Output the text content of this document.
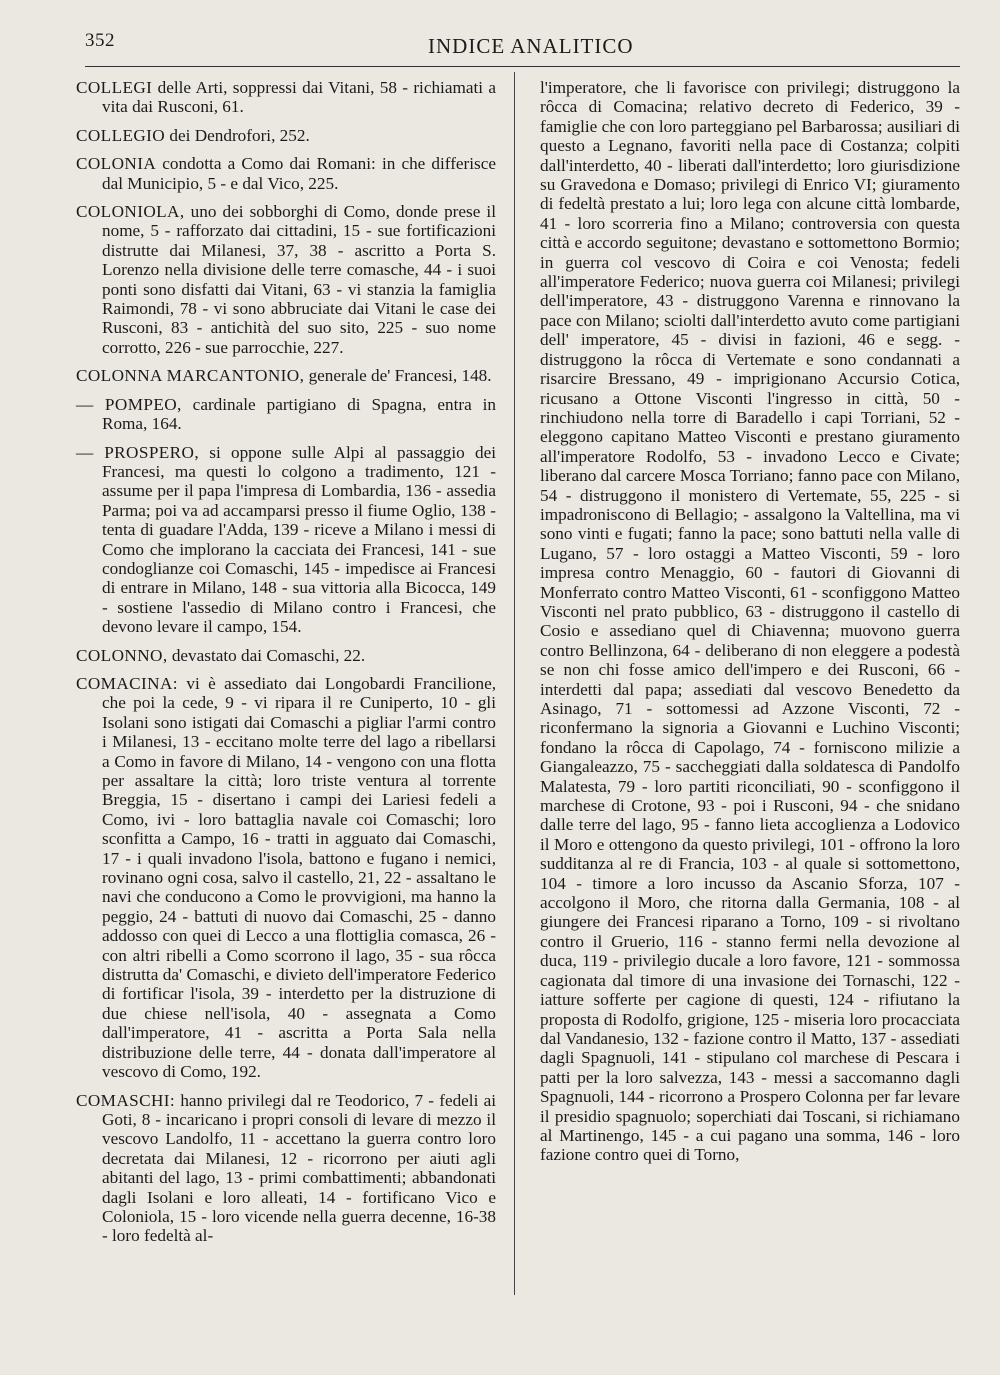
352	INDICE ANALITICO

COLLEGI delle Arti, soppressi dai Vitani, 58 - richiamati a vita dai Rusconi, 61.

COLLEGIO dei Dendrofori, 252.

COLONIA condotta a Como dai Romani: in che differisce dal Municipio, 5 - e dal Vico, 225.

COLONIOLA, uno dei sobborghi di Como, donde prese il nome, 5 - rafforzato dai cittadini, 15 - sue fortificazioni distrutte dai Milanesi, 37, 38 - ascritto a Porta S. Lorenzo nella divisione delle terre comasche, 44 - i suoi ponti sono disfatti dai Vitani, 63 - vi stanzia la famiglia Raimondi, 78 - vi sono abbruciate dai Vitani le case dei Rusconi, 83 - antichità del suo sito, 225 - suo nome corrotto, 226 - sue parrocchie, 227.

COLONNA MARCANTONIO, generale de' Francesi, 148.

— POMPEO, cardinale partigiano di Spagna, entra in Roma, 164.

— PROSPERO, si oppone sulle Alpi al passaggio dei Francesi, ma questi lo colgono a tradimento, 121 - assume per il papa l'impresa di Lombardia, 136 - assedia Parma; poi va ad accamparsi presso il fiume Oglio, 138 - tenta di guadare l'Adda, 139 - riceve a Milano i messi di Como che implorano la cacciata dei Francesi, 141 - sue condoglianze coi Comaschi, 145 - impedisce ai Francesi di entrare in Milano, 148 - sua vittoria alla Bicocca, 149 - sostiene l'assedio di Milano contro i Francesi, che devono levare il campo, 154.

COLONNO, devastato dai Comaschi, 22.

COMACINA: vi è assediato dai Longobardi Francilione, che poi la cede, 9 - vi ripara il re Cuniperto, 10 - gli Isolani sono istigati dai Comaschi a pigliar l'armi contro i Milanesi, 13 - eccitano molte terre del lago a ribellarsi a Como in favore di Milano, 14 - vengono con una flotta per assaltare la città; loro triste ventura al torrente Breggia, 15 - disertano i campi dei Lariesi fedeli a Como, ivi - loro battaglia navale coi Comaschi; loro sconfitta a Campo, 16 - tratti in agguato dai Comaschi, 17 - i quali invadono l'isola, battono e fugano i nemici, rovinano ogni cosa, salvo il castello, 21, 22 - assaltano le navi che conducono a Como le provvigioni, ma hanno la peggio, 24 - battuti di nuovo dai Comaschi, 25 - danno addosso con quei di Lecco a una flottiglia comasca, 26 - con altri ribelli a Como scorrono il lago, 35 - sua rôcca distrutta da' Comaschi, e divieto dell'imperatore Federico di fortificar l'isola, 39 - interdetto per la distruzione di due chiese nell'isola, 40 - assegnata a Como dall'imperatore, 41 - ascritta a Porta Sala nella distribuzione delle terre, 44 - donata dall'imperatore al vescovo di Como, 192.

COMASCHI: hanno privilegi dal re Teodorico, 7 - fedeli ai Goti, 8 - incaricano i propri consoli di levare di mezzo il vescovo Landolfo, 11 - accettano la guerra contro loro decretata dai Milanesi, 12 - ricorrono per aiuti agli abitanti del lago, 13 - primi combattimenti; abbandonati dagli Isolani e loro alleati, 14 - fortificano Vico e Coloniola, 15 - loro vicende nella guerra decenne, 16-38 - loro fedeltà al-

l'imperatore, che li favorisce con privilegi; distruggono la rôcca di Comacina; relativo decreto di Federico, 39 - famiglie che con loro parteggiano pel Barbarossa; ausiliari di questo a Legnano, favoriti nella pace di Costanza; colpiti dall'interdetto, 40 - liberati dall'interdetto; loro giurisdizione su Gravedona e Domaso; privilegi di Enrico VI; giuramento di fedeltà prestato a lui; loro lega con alcune città lombarde, 41 - loro scorreria fino a Milano; controversia con questa città e accordo seguitone; devastano e sottomettono Bormio; in guerra col vescovo di Coira e coi Venosta; fedeli all'imperatore Federico; nuova guerra coi Milanesi; privilegi dell'imperatore, 43 - distruggono Varenna e rinnovano la pace con Milano; sciolti dall'interdetto avuto come partigiani dell' imperatore, 45 - divisi in fazioni, 46 e segg. - distruggono la rôcca di Vertemate e sono condannati a risarcire Bressano, 49 - imprigionano Accursio Cotica, ricusano a Ottone Visconti l'ingresso in città, 50 - rinchiudono nella torre di Baradello i capi Torriani, 52 - eleggono capitano Matteo Visconti e prestano giuramento all'imperatore Rodolfo, 53 - invadono Lecco e Civate; liberano dal carcere Mosca Torriano; fanno pace con Milano, 54 - distruggono il monistero di Vertemate, 55, 225 - si impadroniscono di Bellagio; - assalgono la Valtellina, ma vi sono vinti e fugati; fanno la pace; sono battuti nella valle di Lugano, 57 - loro ostaggi a Matteo Visconti, 59 - loro impresa contro Menaggio, 60 - fautori di Giovanni di Monferrato contro Matteo Visconti, 61 - sconfiggono Matteo Visconti nel prato pubblico, 63 - distruggono il castello di Cosio e assediano quel di Chiavenna; muovono guerra contro Bellinzona, 64 - deliberano di non eleggere a podestà se non chi fosse amico dell'impero e dei Rusconi, 66 - interdetti dal papa; assediati dal vescovo Benedetto da Asinago, 71 - sottomessi ad Azzone Visconti, 72 - riconfermano la signoria a Giovanni e Luchino Visconti; fondano la rôcca di Capolago, 74 - forniscono milizie a Giangaleazzo, 75 - saccheggiati dalla soldatesca di Pandolfo Malatesta, 79 - loro partiti riconciliati, 90 - sconfiggono il marchese di Crotone, 93 - poi i Rusconi, 94 - che snidano dalle terre del lago, 95 - fanno lieta accoglienza a Lodovico il Moro e ottengono da questo privilegi, 101 - offrono la loro sudditanza al re di Francia, 103 - al quale si sottomettono, 104 - timore a loro incusso da Ascanio Sforza, 107 - accolgono il Moro, che ritorna dalla Germania, 108 - al giungere dei Francesi riparano a Torno, 109 - si rivoltano contro il Gruerio, 116 - stanno fermi nella devozione al duca, 119 - privilegio ducale a loro favore, 121 - sommossa cagionata dal timore di una invasione dei Tornaschi, 122 - iatture sofferte per cagione di questi, 124 - rifiutano la proposta di Rodolfo, grigione, 125 - miseria loro procacciata dal Vandanesio, 132 - fazione contro il Matto, 137 - assediati dagli Spagnuoli, 141 - stipulano col marchese di Pescara i patti per la loro salvezza, 143 - messi a saccomanno dagli Spagnuoli, 144 - ricorrono a Prospero Colonna per far levare il presidio spagnuolo; soperchiati dai Toscani, si richiamano al Martinengo, 145 - a cui pagano una somma, 146 - loro fazione contro quei di Torno,
